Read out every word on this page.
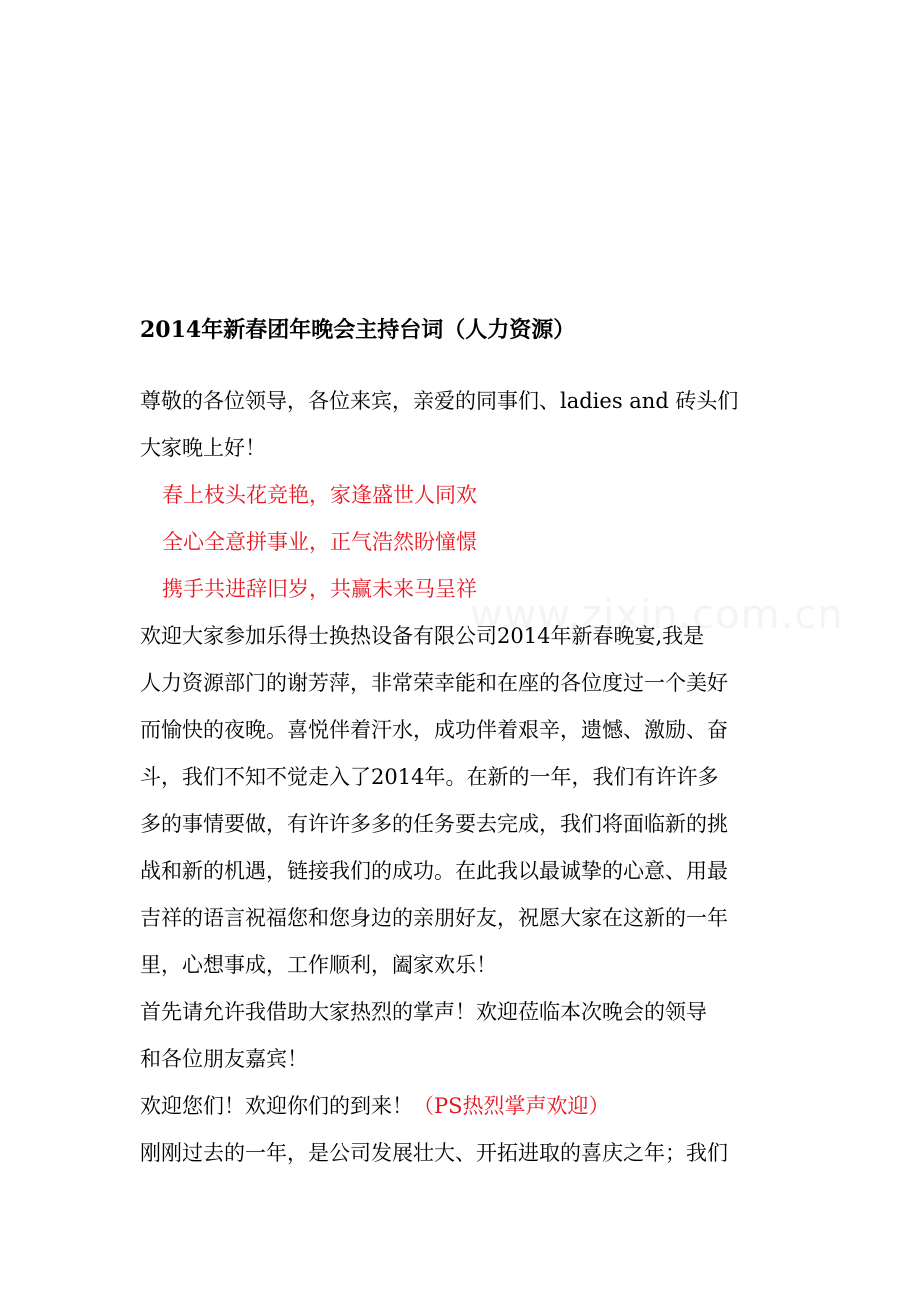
2014年新春团年晚会主持台词（人力资源）
尊敬的各位领导，各位来宾，亲爱的同事们、ladies and 砖头们
大家晚上好！
春上枝头花竞艳，家逢盛世人同欢
全心全意拼事业，正气浩然盼憧憬
携手共进辞旧岁，共赢未来马呈祥
欢迎大家参加乐得士换热设备有限公司2014年新春晚宴,我是
人力资源部门的谢芳萍，非常荣幸能和在座的各位度过一个美好
而愉快的夜晚。喜悦伴着汗水，成功伴着艰辛，遗憾、激励、奋
斗，我们不知不觉走入了2014年。在新的一年，我们有许许多
多的事情要做，有许许多多的任务要去完成，我们将面临新的挑
战和新的机遇，链接我们的成功。在此我以最诚挚的心意、用最
吉祥的语言祝福您和您身边的亲朋好友，祝愿大家在这新的一年
里，心想事成，工作顺利，阖家欢乐！
首先请允许我借助大家热烈的掌声！欢迎莅临本次晚会的领导
和各位朋友嘉宾！
欢迎您们！欢迎你们的到来！（PS热烈掌声欢迎）
刚刚过去的一年，是公司发展壮大、开拓进取的喜庆之年；我们
www.zixin.com.cn
